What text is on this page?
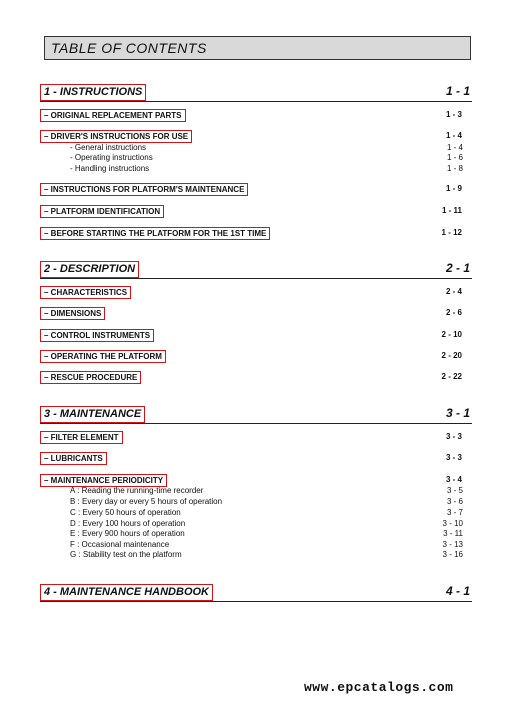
TABLE OF CONTENTS
1 - INSTRUCTIONS	1 - 1
– ORIGINAL REPLACEMENT PARTS	1 - 3
– DRIVER'S INSTRUCTIONS FOR USE	1 - 4
- General instructions	1 - 4
- Operating instructions	1 - 6
- Handling instructions	1 - 8
– INSTRUCTIONS FOR PLATFORM'S MAINTENANCE	1 - 9
– PLATFORM IDENTIFICATION	1 - 11
– BEFORE STARTING THE PLATFORM FOR THE 1ST TIME	1 - 12
2 - DESCRIPTION	2 - 1
– CHARACTERISTICS	2 - 4
– DIMENSIONS	2 - 6
– CONTROL INSTRUMENTS	2 - 10
– OPERATING THE PLATFORM	2 - 20
– RESCUE PROCEDURE	2 - 22
3 - MAINTENANCE	3 - 1
– FILTER ELEMENT	3 - 3
– LUBRICANTS	3 - 3
– MAINTENANCE PERIODICITY	3 - 4
A : Reading the running-time recorder	3 - 5
B : Every day or every 5 hours of operation	3 - 6
C : Every 50 hours of operation	3 - 7
D : Every 100 hours of operation	3 - 10
E : Every 900 hours of operation	3 - 11
F : Occasional maintenance	3 - 13
G : Stability test on the platform	3 - 16
4 - MAINTENANCE HANDBOOK	4 - 1
www.epcatalogs.com
